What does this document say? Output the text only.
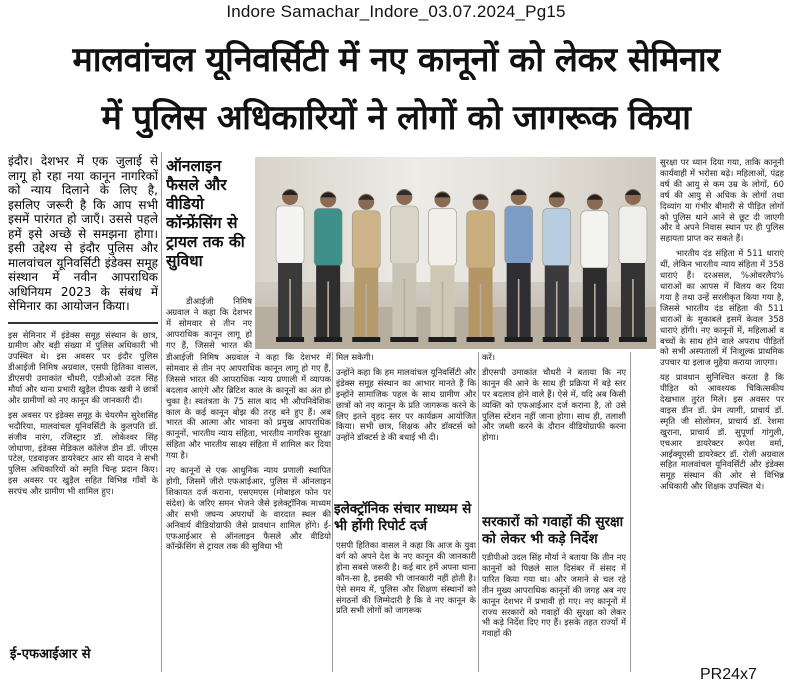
Indore Samachar_Indore_03.07.2024_Pg15
मालवांचल यूनिवर्सिटी में नए कानूनों को लेकर सेमिनार
में पुलिस अधिकारियों ने लोगों को जागरूक किया

इंदौर। देशभर में एक जुलाई से लागू हो रहा नया कानून नागरिकों को न्याय दिलाने के लिए है, इसलिए जरूरी है कि आप सभी इसमें पारंगत हो जाएँ। उससे पहले हमें इसे अच्छे से समझना होगा। इसी उद्देश्य से इंदौर पुलिस और मालवांचल यूनिवर्सिटी इंडेक्स समूह संस्थान में नवीन आपराधिक अधिनियम 2023 के संबंध में सेमिनार का आयोजन किया।

इस सेमिनार में इंडेक्स समूह संस्थान के छात्र, ग्रामीण और बड़ी संख्या में पुलिस अधिकारी भी उपस्थित थे। इस अवसर पर इंदौर पुलिस डीआईजी निमिष अग्रवाल, एसपी हितिका वासल, डीएसपी उमाकांत चौधरी, एडीओओ उदल सिंह मौर्या और थाना प्रभारी खुड़ैल दीपक खत्री ने छात्रों और ग्रामीणों को नए कानून की जानकारी दी।

इस अवसर पर इंडेक्स समूह के चेयरमैन सुरेशसिंह भदौरिया, मालवांचल यूनिवर्सिटी के कुलपति डॉ. संजीव नारंग, रजिस्ट्रार डॉ. लोकेश्वर सिंह जोधाणा, इंडेक्स मेडिकल कॉलेज डीन डॉ. जीएस पटेल, एडवाइजर डायरेक्टर आर सी यादव ने सभी पुलिस अधिकारियों को स्मृति चिन्ह प्रदान किए। इस अवसर पर खुड़ैल सहित विभिन्न गाँवों के सरपंच और ग्रामीण भी शामिल हुए।

ई-एफआईआर से
ऑनलाइन फैसले और वीडियो कॉन्फ्रेंसिंग से ट्रायल तक की सुविधा

डीआईजी निमिष अग्रवाल ने कहा कि देशभर में सोमवार से तीन नए आपराधिक कानून लागू हो गए हैं, जिससे भारत की

डीआईजी निमिष अग्रवाल ने कहा कि देशभर में सोमवार से तीन नए आपराधिक कानून लागू हो गए हैं, जिससे भारत की आपराधिक न्याय प्रणाली में व्यापक बदलाव आएंगे और ब्रिटिश काल के कानूनों का अंत हो चुका है। स्वतंत्रता के 75 साल बाद भी औपनिवेशिक काल के कई कानून बोझ की तरह बने हुए हैं। अब भारत की आत्मा और भावना को प्रमुख आपराधिक कानूनों, भारतीय न्याय संहिता, भारतीय नागरिक सुरक्षा संहिता और भारतीय साक्ष्य संहिता में शामिल कर दिया गया है।

नए कानूनों से एक आधुनिक न्याय प्रणाली स्थापित होगी, जिसमें जीरो एफआईआर, पुलिस में ऑनलाइन शिकायत दर्ज कराना, एसएमएस (मोबाइल फोन पर संदेश) के जरिए समन भेजने जैसे इलेक्ट्रॉनिक माध्यम और सभी जघन्य अपराधों के वारदात स्थल की अनिवार्य वीडियोग्राफी जैसे प्रावधान शामिल होंगे। ई-एफआईआर से ऑनलाइन फैसले और वीडियो कॉन्फ्रेंसिंग से ट्रायल तक की सुविधा भी

मिल सकेगी।

उन्होंने कहा कि हम मालवांचल यूनिवर्सिटी और इंडेक्स समूह संस्थान का आभार मानते हैं कि इन्होंने सामाजिक पहल के साथ ग्रामीण और छात्रों को नए कानून के प्रति जागरूक करने के लिए इतने वृहद स्तर पर कार्यक्रम आयोजित किया। सभी छात्र, शिक्षक और डॉक्टर्स को उन्होंने डॉक्टर्स डे की बधाई भी दी।

इलेक्ट्रॉनिक संचार माध्यम से भी होंगी रिपोर्ट दर्ज

एसपी हितिका वासल ने कहा कि आज के युवा वर्ग को अपने देश के नए कानून की जानकारी होना सबसे जरूरी है। कई बार हमें अपना थाना कौन-सा है, इसकी भी जानकारी नहीं होती है। ऐसे समय में, पुलिस और शिक्षण संस्थानों को संगठनों की जिम्मेदारी है कि वे नए कानून के प्रति सभी लोगों को जागरूक

करें।

डीएसपी उमाकांत चौधरी ने बताया कि नए कानून की आने के साथ ही प्रक्रिया में बड़े स्तर पर बदलाव होने वाले हैं। ऐसे में, यदि अब किसी व्यक्ति को एफआईआर दर्ज कराना है, तो उसे पुलिस स्टेशन नहीं जाना होगा। साथ ही, तलाशी और जब्ती करने के दौरान वीडियोग्राफी करना होगा।

सरकारों को गवाहों की सुरक्षा को लेकर भी कड़े निर्देश

एडीपीओ उदल सिंह मौर्या ने बताया कि तीन नए कानूनों को पिछले साल दिसंबर में संसद में पारित किया गया था। और जमाने से चल रहे तीन मुख्य आपराधिक कानूनों की जगह अब नए कानून देशभर में प्रभावी हो गए। नए कानूनों में राज्य सरकारों को गवाहों की सुरक्षा को लेकर भी कड़े निर्देश दिए गए हैं। इसके तहत राज्यों में गवाहों की

सुरक्षा पर ध्यान दिया गया, ताकि कानूनी कार्यवाही में भरोसा बढ़े। महिलाओं, पंद्रह वर्ष की आयु से कम उम्र के लोगों, 60 वर्ष की आयु से अधिक के लोगों तथा दिव्यांग या गंभीर बीमारी से पीड़ित लोगों को पुलिस थाने आने से छूट दी जाएगी और वे अपने निवास स्थान पर ही पुलिस सहायता प्राप्त कर सकते हैं।

भारतीय दंड संहिता में 511 धाराएं थीं, लेकिन भारतीय न्याय संहिता में 358 धाराएं हैं। दरअसल, %ओवरलैप% धाराओं का आपस में विलय कर दिया गया है तथा उन्हें सरलीकृत किया गया है, जिससे भारतीय दंड संहिता की 511 धाराओं के मुकाबले इसमें केवल 358 धाराएं होंगी। नए कानूनों में, महिलाओं व बच्चों के साथ होने वाले अपराध पीड़ितों को सभी अस्पतालों में निःशुल्क प्राथमिक उपचार या इलाज मुहैया कराया जाएगा।

यह प्रावधान सुनिश्चित करता है कि पीड़ित को आवश्यक चिकित्सकीय देखभाल तुरंत मिले। इस अवसर पर वाइस डीन डॉ. प्रेम त्यागी, प्राचार्य डॉ. स्मृति जी सोलोमन, प्राचार्य डॉ. रेशमा खुराना, प्राचार्य डॉ. सुपूर्णा गांगुली, एचआर डायरेक्टर रूपेश वर्मा, आईक्यूएसी डायरेक्टर डॉ. रोली अग्रवाल सहित मालवांचल यूनिवर्सिटी और इंडेक्स समूह संस्थान की ओर से विभिन्न अधिकारी और शिक्षक उपस्थित थे।

PR24x7
